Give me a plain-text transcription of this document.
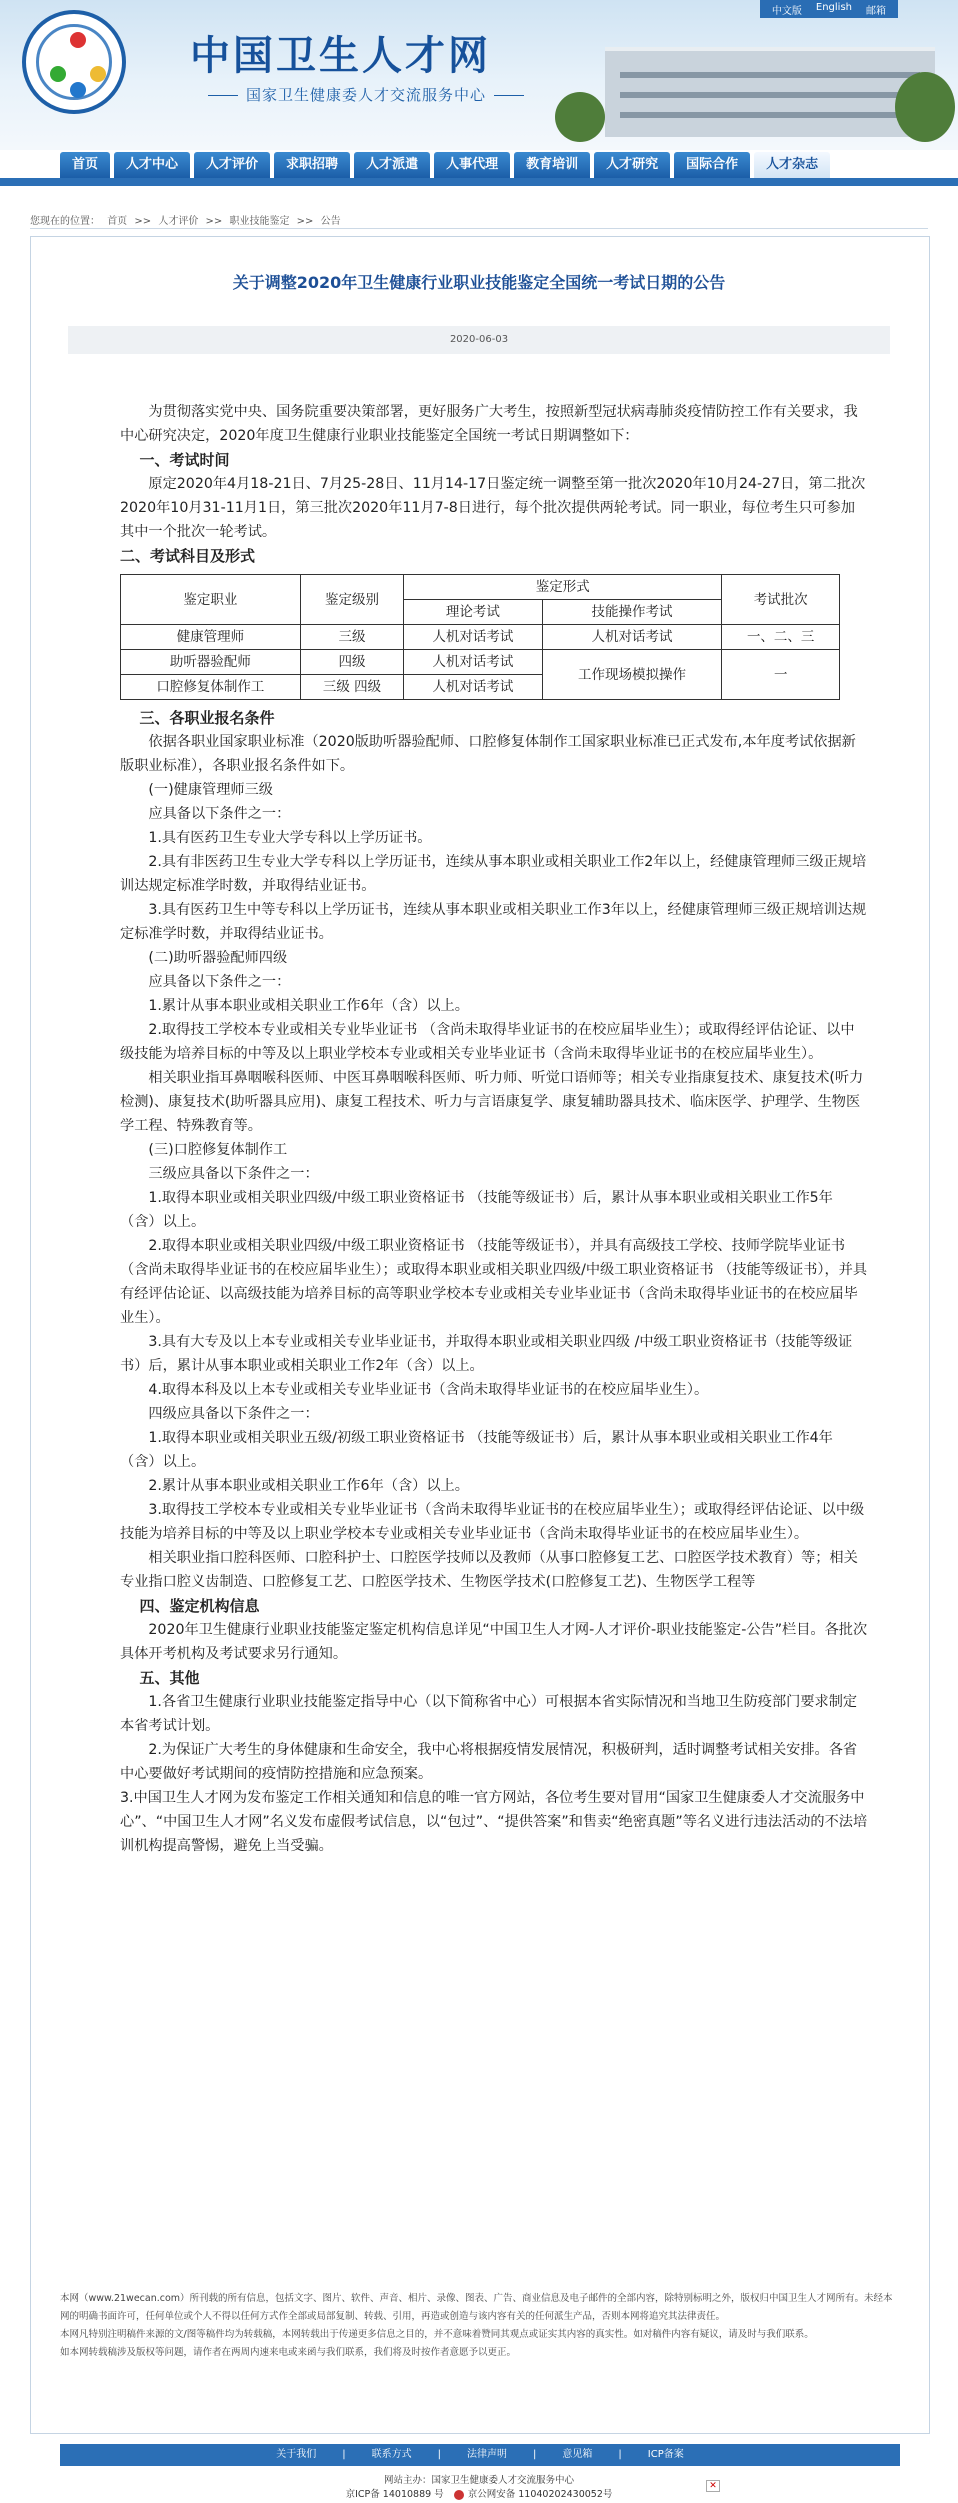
中国卫生人才网
国家卫生健康委人才交流服务中心
中文版 English 邮箱
首页	人才中心	人才评价	求职招聘	人才派遣	人事代理	教育培训	人才研究	国际合作	人才杂志
您现在的位置： 首页 >> 人才评价 >> 职业技能鉴定 >> 公告
关于调整2020年卫生健康行业职业技能鉴定全国统一考试日期的公告
2020-06-03

为贯彻落实党中央、国务院重要决策部署，更好服务广大考生，按照新型冠状病毒肺炎疫情防控工作有关要求，我中心研究决定，2020年度卫生健康行业职业技能鉴定全国统一考试日期调整如下：

一、考试时间

原定2020年4月18-21日、7月25-28日、11月14-17日鉴定统一调整至第一批次2020年10月24-27日，第二批次2020年10月31-11月1日，第三批次2020年11月7-8日进行，每个批次提供两轮考试。同一职业，每位考生只可参加其中一个批次一轮考试。

二、考试科目及形式

鉴定职业	鉴定级别	鉴定形式		考试批次
		理论考试	技能操作考试	
健康管理师	三级	人机对话考试	人机对话考试	一、二、三
助听器验配师	四级	人机对话考试	工作现场模拟操作	一
口腔修复体制作工	三级 四级	人机对话考试		

三、各职业报名条件

依据各职业国家职业标准（2020版助听器验配师、口腔修复体制作工国家职业标准已正式发布,本年度考试依据新版职业标准），各职业报名条件如下。

(一)健康管理师三级

应具备以下条件之一：

1.具有医药卫生专业大学专科以上学历证书。

2.具有非医药卫生专业大学专科以上学历证书，连续从事本职业或相关职业工作2年以上，经健康管理师三级正规培训达规定标准学时数，并取得结业证书。

3.具有医药卫生中等专科以上学历证书，连续从事本职业或相关职业工作3年以上，经健康管理师三级正规培训达规定标准学时数，并取得结业证书。

(二)助听器验配师四级

应具备以下条件之一：

1.累计从事本职业或相关职业工作6年（含）以上。

2.取得技工学校本专业或相关专业毕业证书 （含尚未取得毕业证书的在校应届毕业生）；或取得经评估论证、以中级技能为培养目标的中等及以上职业学校本专业或相关专业毕业证书（含尚未取得毕业证书的在校应届毕业生）。

相关职业指耳鼻咽喉科医师、中医耳鼻咽喉科医师、听力师、听觉口语师等；相关专业指康复技术、康复技术(听力检测)、康复技术(助听器具应用)、康复工程技术、听力与言语康复学、康复辅助器具技术、临床医学、护理学、生物医学工程、特殊教育等。

(三)口腔修复体制作工

三级应具备以下条件之一：

1.取得本职业或相关职业四级/中级工职业资格证书 （技能等级证书）后，累计从事本职业或相关职业工作5年（含）以上。

2.取得本职业或相关职业四级/中级工职业资格证书 （技能等级证书），并具有高级技工学校、技师学院毕业证书 （含尚未取得毕业证书的在校应届毕业生）；或取得本职业或相关职业四级/中级工职业资格证书 （技能等级证书），并具有经评估论证、以高级技能为培养目标的高等职业学校本专业或相关专业毕业证书（含尚未取得毕业证书的在校应届毕业生）。

3.具有大专及以上本专业或相关专业毕业证书，并取得本职业或相关职业四级 /中级工职业资格证书（技能等级证书）后，累计从事本职业或相关职业工作2年（含）以上。

4.取得本科及以上本专业或相关专业毕业证书（含尚未取得毕业证书的在校应届毕业生）。

四级应具备以下条件之一：

1.取得本职业或相关职业五级/初级工职业资格证书 （技能等级证书）后，累计从事本职业或相关职业工作4年（含）以上。

2.累计从事本职业或相关职业工作6年（含）以上。

3.取得技工学校本专业或相关专业毕业证书（含尚未取得毕业证书的在校应届毕业生）；或取得经评估论证、以中级技能为培养目标的中等及以上职业学校本专业或相关专业毕业证书（含尚未取得毕业证书的在校应届毕业生）。

相关职业指口腔科医师、口腔科护士、口腔医学技师以及教师（从事口腔修复工艺、口腔医学技术教育）等；相关专业指口腔义齿制造、口腔修复工艺、口腔医学技术、生物医学技术(口腔修复工艺)、生物医学工程等

四、鉴定机构信息

2020年卫生健康行业职业技能鉴定鉴定机构信息详见“中国卫生人才网-人才评价-职业技能鉴定-公告”栏目。各批次具体开考机构及考试要求另行通知。

五、其他

1.各省卫生健康行业职业技能鉴定指导中心（以下简称省中心）可根据本省实际情况和当地卫生防疫部门要求制定本省考试计划。

2.为保证广大考生的身体健康和生命安全，我中心将根据疫情发展情况，积极研判，适时调整考试相关安排。各省中心要做好考试期间的疫情防控措施和应急预案。

3.中国卫生人才网为发布鉴定工作相关通知和信息的唯一官方网站，各位考生要对冒用“国家卫生健康委人才交流服务中心”、“中国卫生人才网”名义发布虚假考试信息，以“包过”、“提供答案”和售卖“绝密真题”等名义进行违法活动的不法培训机构提高警惕，避免上当受骗。

本网（www.21wecan.com）所刊载的所有信息，包括文字、图片、软件、声音、相片、录像、图表、广告、商业信息及电子邮件的全部内容，除特别标明之外，版权归中国卫生人才网所有。未经本网的明确书面许可，任何单位或个人不得以任何方式作全部或局部复制、转载、引用，再造或创造与该内容有关的任何派生产品，否则本网将追究其法律责任。

本网凡特别注明稿件来源的文/图等稿件均为转载稿，本网转载出于传递更多信息之目的，并不意味着赞同其观点或证实其内容的真实性。如对稿件内容有疑议，请及时与我们联系。

如本网转载稿涉及版权等问题，请作者在两周内速来电或来函与我们联系，我们将及时按作者意愿予以更正。

关于我们	|	联系方式	|	法律声明	|	意见箱	|	ICP备案
网站主办：国家卫生健康委人才交流服务中心
京ICP备 14010889 号	京公网安备 11040202430052号
✕
